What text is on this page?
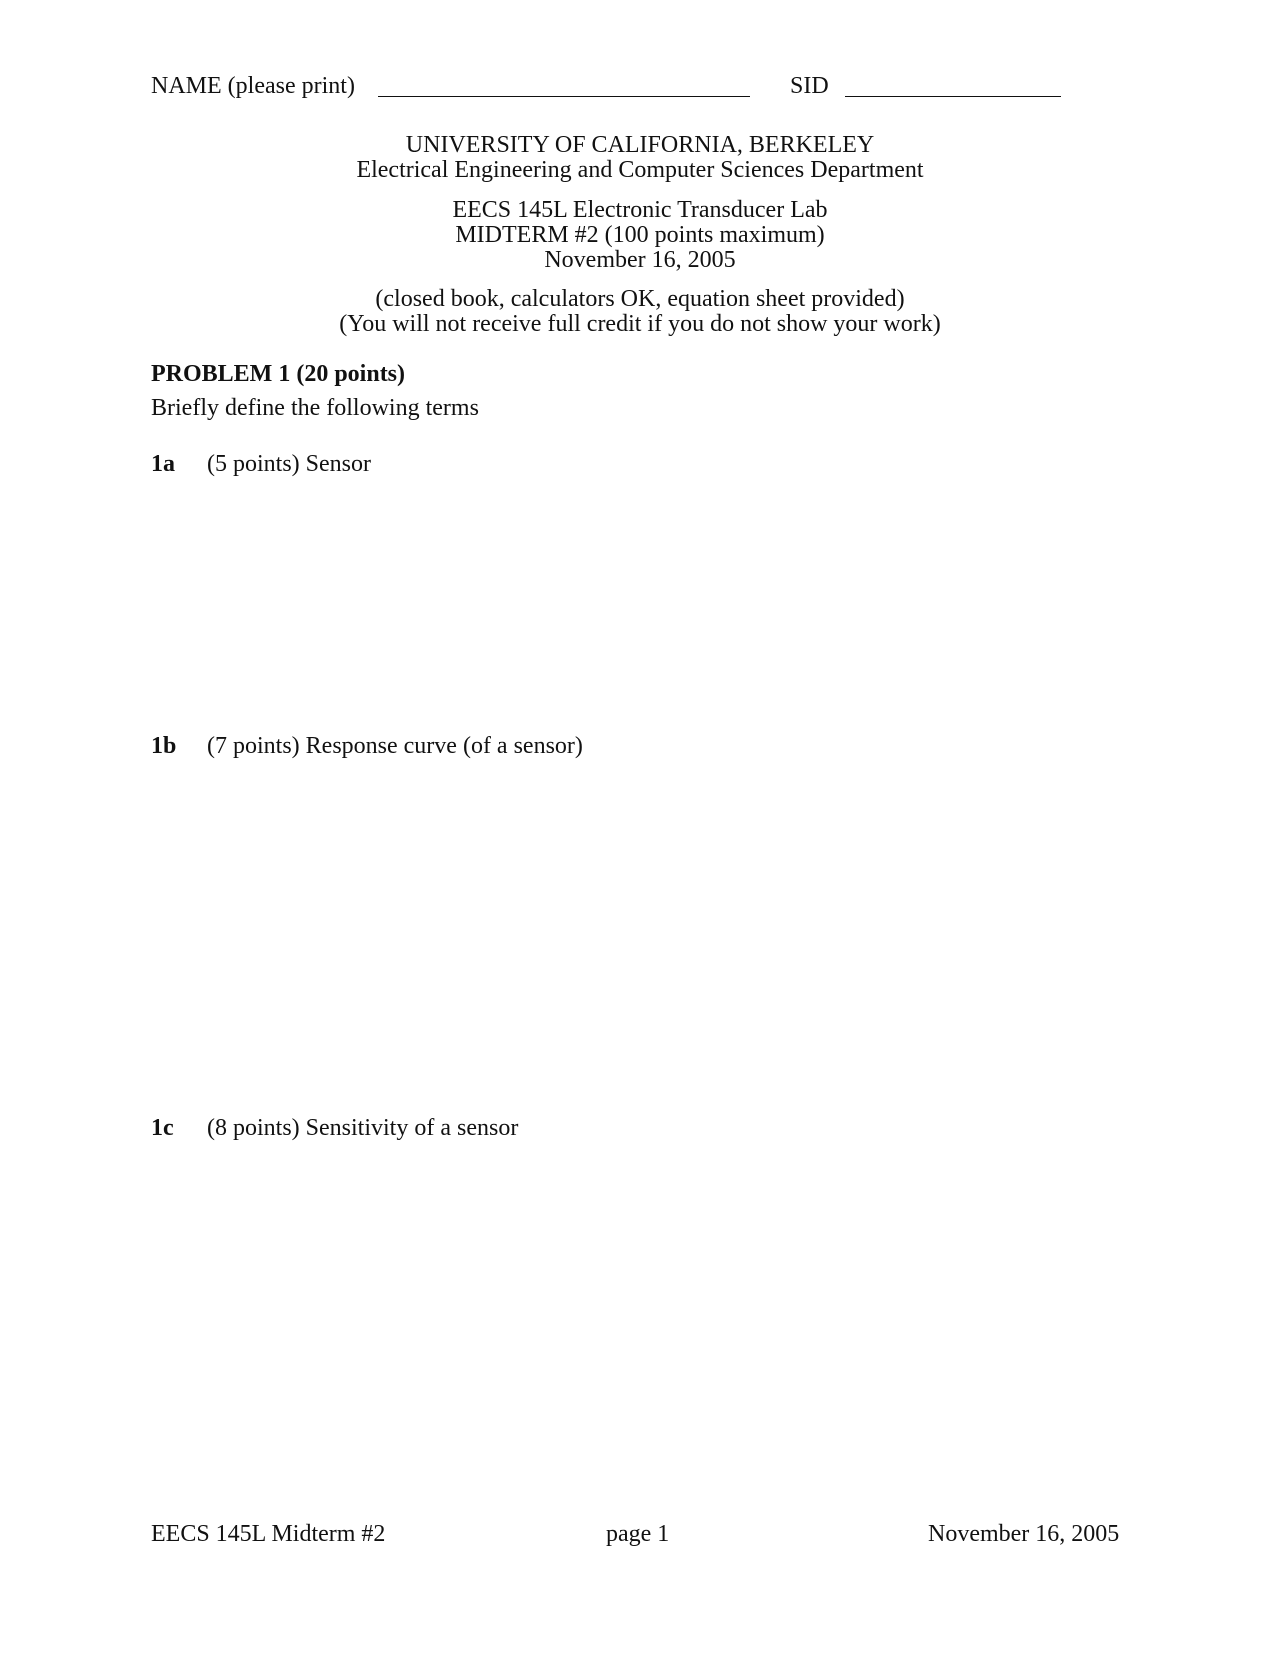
NAME (please print)	SID
UNIVERSITY OF CALIFORNIA, BERKELEY
Electrical Engineering and Computer Sciences Department
EECS 145L Electronic Transducer Lab
MIDTERM #2 (100 points maximum)
November 16, 2005
(closed book, calculators OK, equation sheet provided)
(You will not receive full credit if you do not show your work)
PROBLEM 1 (20 points)
Briefly define the following terms
1a (5 points) Sensor
1b (7 points) Response curve (of a sensor)
1c (8 points) Sensitivity of a sensor
EECS 145L Midterm #2	page 1	November 16, 2005
